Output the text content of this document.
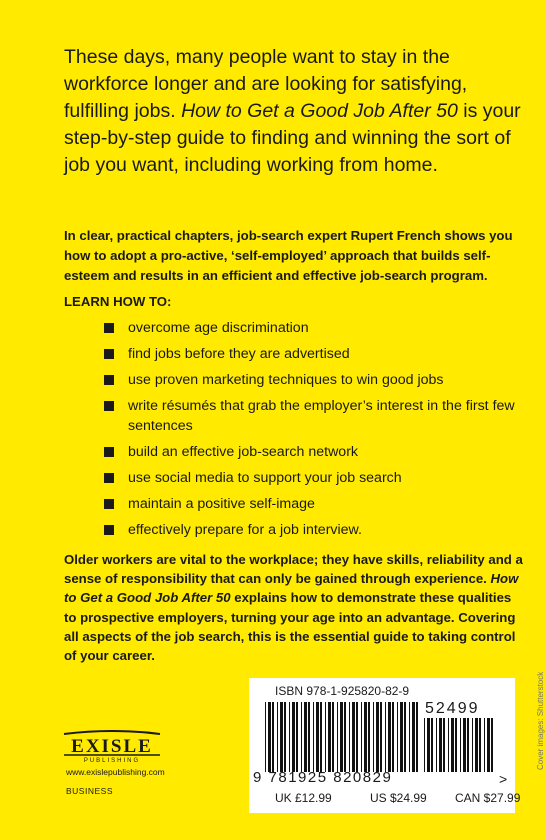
These days, many people want to stay in the workforce longer and are looking for satisfying, fulfilling jobs. How to Get a Good Job After 50 is your step-by-step guide to finding and winning the sort of job you want, including working from home.

In clear, practical chapters, job-search expert Rupert French shows you how to adopt a pro-active, ‘self-employed’ approach that builds self-esteem and results in an efficient and effective job-search program.

LEARN HOW TO:
overcome age discrimination
find jobs before they are advertised
use proven marketing techniques to win good jobs
write résumés that grab the employer’s interest in the first few sentences
build an effective job-search network
use social media to support your job search
maintain a positive self-image
effectively prepare for a job interview.

Older workers are vital to the workplace; they have skills, reliability and a sense of responsibility that can only be gained through experience. How to Get a Good Job After 50 explains how to demonstrate these qualities to prospective employers, turning your age into an advantage. Covering all aspects of the job search, this is the essential guide to taking control of your career.

EXISLE
PUBLISHING
www.exislepublishing.com
BUSINESS
ISBN 978-1-925820-82-9
52499
9 781925 820829	>
UK £12.99	US $24.99 CAN $27.99
Cover images: Shutterstock
